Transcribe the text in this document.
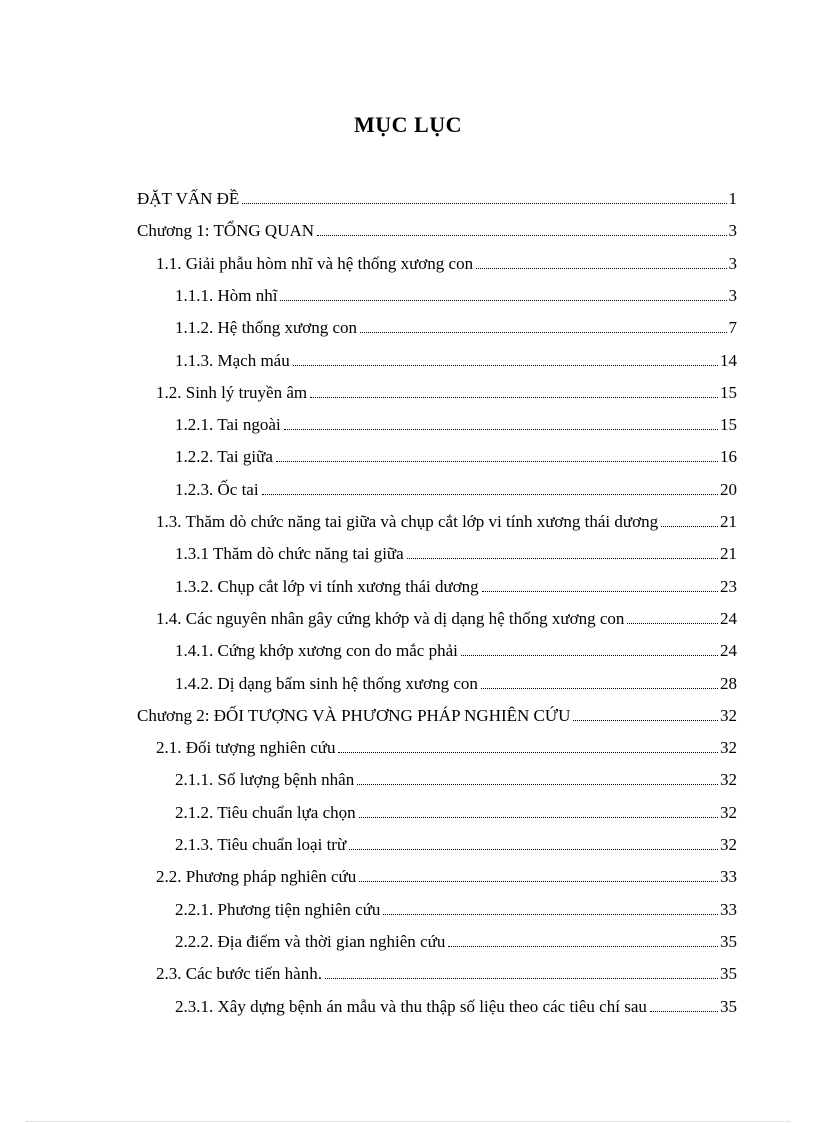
MỤC LỤC
ĐẶT VẤN ĐỀ	1
Chương 1: TỔNG QUAN	3
1.1. Giải phẫu hòm nhĩ và hệ thống xương con	3
1.1.1. Hòm nhĩ	3
1.1.2. Hệ thống xương con	7
1.1.3. Mạch máu	14
1.2. Sinh lý truyền âm	15
1.2.1. Tai ngoài	15
1.2.2. Tai giữa	16
1.2.3. Ốc tai	20
1.3. Thăm dò chức năng tai giữa và chụp cắt lớp vi tính xương thái dương	21
1.3.1 Thăm dò chức năng tai giữa	21
1.3.2. Chụp cắt lớp vi tính xương thái dương	23
1.4. Các nguyên nhân gây cứng khớp và dị dạng hệ thống xương con	24
1.4.1. Cứng khớp xương con do mắc phải	24
1.4.2. Dị dạng bẩm sinh hệ thống xương con	28
Chương 2: ĐỐI TƯỢNG VÀ PHƯƠNG PHÁP NGHIÊN CỨU	32
2.1. Đối tượng nghiên cứu	32
2.1.1. Số lượng bệnh nhân	32
2.1.2. Tiêu chuẩn lựa chọn	32
2.1.3. Tiêu chuẩn loại trừ	32
2.2. Phương pháp nghiên cứu	33
2.2.1. Phương tiện nghiên cứu	33
2.2.2. Địa điểm và thời gian nghiên cứu	35
2.3. Các bước tiến hành.	35
2.3.1. Xây dựng bệnh án mẫu và thu thập số liệu theo các tiêu chí sau	35
